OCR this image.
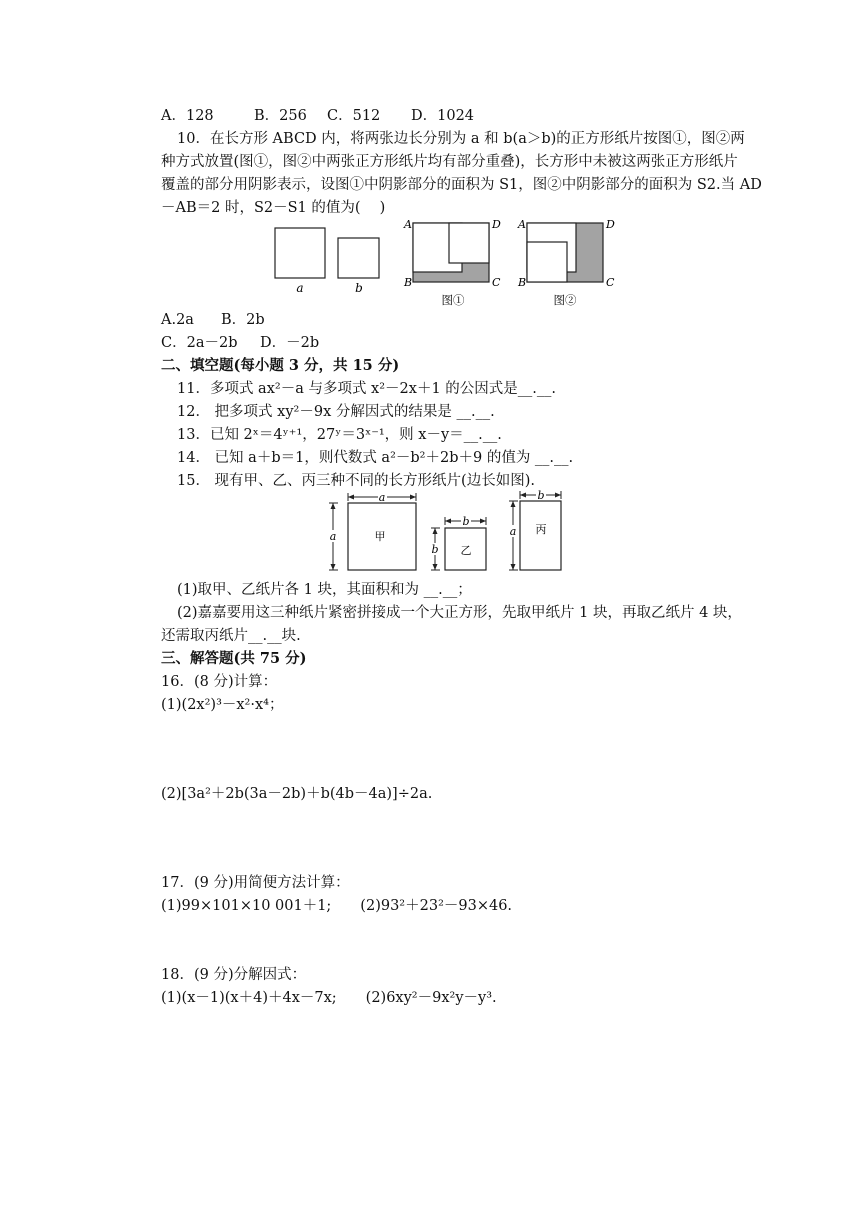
A．128	B．256 C．512 D．1024
10．在长方形 ABCD 内，将两张边长分别为 a 和 b(a＞b)的正方形纸片按图①，图②两
种方式放置(图①，图②中两张正方形纸片均有部分重叠)，长方形中未被这两张正方形纸片
覆盖的部分用阴影表示，设图①中阴影部分的面积为 S1，图②中阴影部分的面积为 S2.当 AD
－AB＝2 时，S2－S1 的值为(　 )
a	b
A	D
B	C
图①
A	D
B	C
图②
A.2a B．2b
C．2a－2b D．－2b
二、填空题(每小题 3 分，共 15 分)
11．多项式 ax²－a 与多项式 x²－2x＋1 的公因式是__.__.
12． 把多项式 xy²－9x 分解因式的结果是 __.__.
13．已知 2ˣ＝4ʸ⁺¹，27ʸ＝3ˣ⁻¹，则 x－y＝__.__.
14． 已知 a＋b＝1，则代数式 a²－b²＋2b＋9 的值为 __.__.
15． 现有甲、乙、丙三种不同的长方形纸片(边长如图).
a
a	甲
b
b 乙
b
a 丙
(1)取甲、乙纸片各 1 块，其面积和为 __.__；
(2)嘉嘉要用这三种纸片紧密拼接成一个大正方形，先取甲纸片 1 块，再取乙纸片 4 块，
还需取丙纸片__.__块.
三、解答题(共 75 分)
16．(8 分)计算：
(1)(2x²)³－x²·x⁴；
(2)[3a²＋2b(3a－2b)＋b(4b－4a)]÷2a.
17．(9 分)用简便方法计算：
(1)99×101×10 001＋1;　　(2)93²＋23²－93×46.
18．(9 分)分解因式：
(1)(x－1)(x＋4)＋4x－7x;　　(2)6xy²－9x²y－y³.
